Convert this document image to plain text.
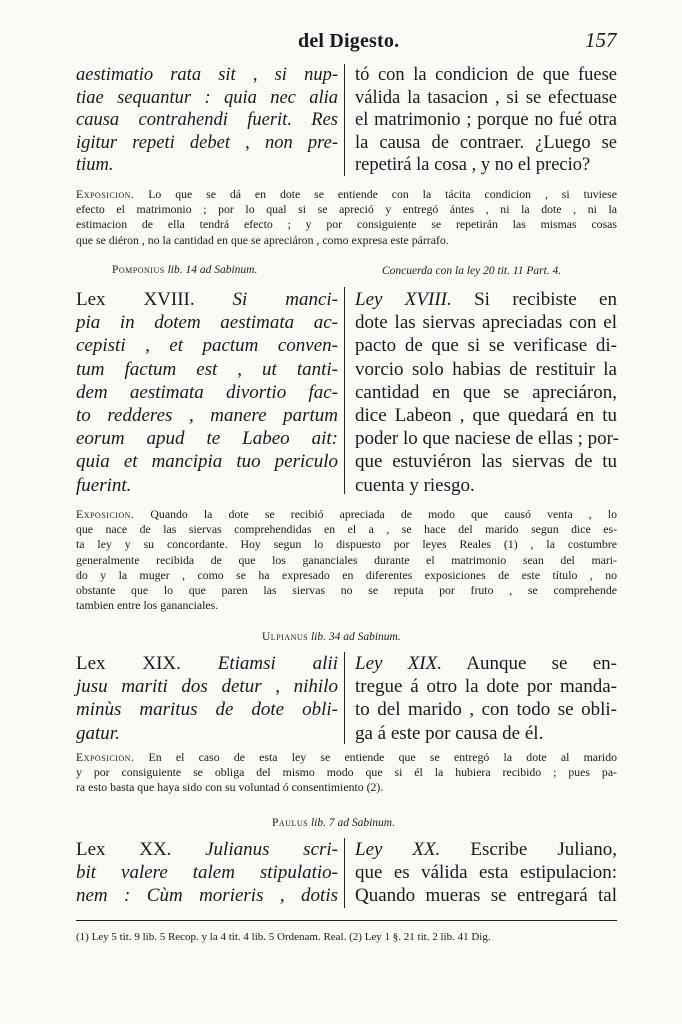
del Digesto.	157
aestimatio rata sit , si nup-
tiae sequantur : quia nec alia
causa contrahendi fuerit. Res
igitur repeti debet , non pre-
tium.
tó con la condicion de que fuese
válida la tasacion , si se efectuase
el matrimonio ; porque no fué otra
la causa de contraer. ¿Luego se
repetirá la cosa , y no el precio?
Exposicion. Lo que se dá en dote se entiende con la tácita condicion , si tuviese
efecto el matrimonio ; por lo qual si se apreció y entregó ántes , ni la dote , ni la
estimacion de ella tendrá efecto ; y por consiguiente se repetirán las mismas cosas
que se diéron , no la cantidad en que se apreciáron , como expresa este párrafo.
Pomponius lib. 14 ad Sabinum.	Concuerda con la ley 20 tit. 11 Part. 4.
Lex XVIII. Si manci-
pia in dotem aestimata ac-
cepisti , et pactum conven-
tum factum est , ut tanti-
dem aestimata divortio fac-
to redderes , manere partum
eorum apud te Labeo ait:
quia et mancipia tuo periculo
fuerint.
Ley XVIII. Si recibiste en
dote las siervas apreciadas con el
pacto de que si se verificase di-
vorcio solo habias de restituir la
cantidad en que se apreciáron,
dice Labeon , que quedará en tu
poder lo que naciese de ellas ; por-
que estuviéron las siervas de tu
cuenta y riesgo.
Exposicion. Quando la dote se recibió apreciada de modo que causó venta , lo
que nace de las siervas comprehendidas en el a , se hace del marido segun dice es-
ta ley y su concordante. Hoy segun lo dispuesto por leyes Reales (1) , la costumbre
generalmente recibida de que los gananciales durante el matrimonio sean del mari-
do y la muger , como se ha expresado en diferentes exposiciones de este título , no
obstante que lo que paren las siervas no se reputa por fruto , se comprehende
tambien entre los gananciales.
Ulpianus lib. 34 ad Sabinum.
Lex XIX. Etiamsi alii
jusu mariti dos detur , nihilo
minùs maritus de dote obli-
gatur.
Ley XIX. Aunque se en-
tregue á otro la dote por manda-
to del marido , con todo se obli-
ga á este por causa de él.
Exposicion. En el caso de esta ley se entiende que se entregó la dote al marido
y por consiguiente se obliga del mismo modo que si él la hubiera recibido ; pues pa-
ra esto basta que haya sido con su voluntad ó consentimiento (2).
Paulus lib. 7 ad Sabinum.
Lex XX. Julianus scri-
bit valere talem stipulatio-
nem : Cùm morieris , dotis
Ley XX. Escribe Juliano,
que es válida esta estipulacion:
Quando mueras se entregará tal
(1) Ley 5 tit. 9 lib. 5 Recop. y la 4 tit. 4 lib. 5 Ordenam. Real. (2) Ley 1 §. 21 tit. 2 lib. 41 Dig.
